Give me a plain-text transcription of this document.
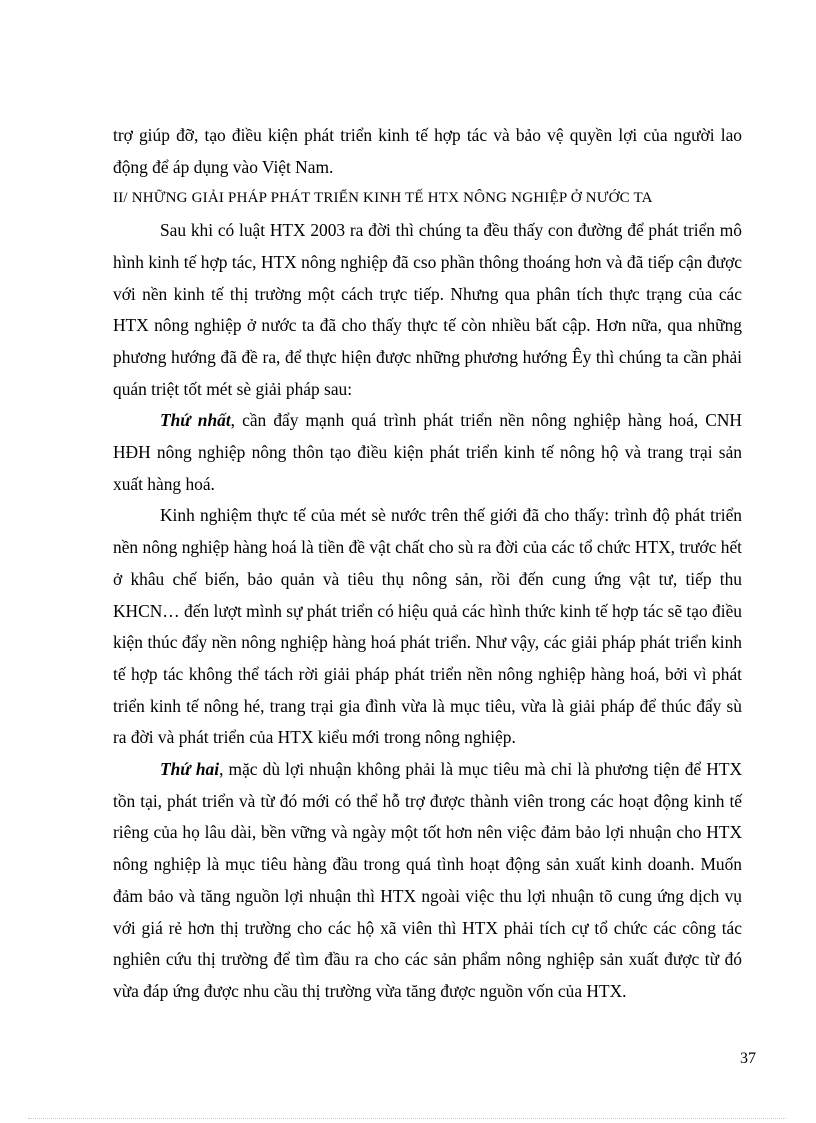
trợ giúp đỡ, tạo điều kiện phát triển kinh tế hợp tác và bảo vệ quyền lợi của người lao động để áp dụng vào Việt Nam.

II/ NHỮNG GIẢI PHÁP PHÁT TRIỂN KINH TẾ HTX NÔNG NGHIỆP Ở NƯỚC TA

Sau khi có luật HTX 2003 ra đời thì chúng ta đều thấy con đường để phát triển mô hình kinh tế hợp tác, HTX nông nghiệp đã cso phần thông thoáng hơn và đã tiếp cận được với nền kinh tế thị trường một cách trực tiếp. Nhưng qua phân tích thực trạng của các HTX nông nghiệp ở nước ta đã cho thấy thực tế còn nhiều bất cập. Hơn nữa, qua những phương hướng đã đề ra, để thực hiện được những phương hướng Êy thì chúng ta cần phải quán triệt tốt mét sè giải pháp sau:

Thứ nhất, cần đẩy mạnh quá trình phát triển nền nông nghiệp hàng hoá, CNH HĐH nông nghiệp nông thôn tạo điều kiện phát triển kinh tế nông hộ và trang trại sản xuất hàng hoá.

Kinh nghiệm thực tế của mét sè nước trên thế giới đã cho thấy: trình độ phát triển nền nông nghiệp hàng hoá là tiền đề vật chất cho sù ra đời của các tổ chức HTX, trước hết ở khâu chế biến, bảo quản và tiêu thụ nông sản, rồi đến cung ứng vật tư, tiếp thu KHCN… đến lượt mình sự phát triển có hiệu quả các hình thức kinh tế hợp tác sẽ tạo điều kiện thúc đẩy nền nông nghiệp hàng hoá phát triển. Như vậy, các giải pháp phát triển kinh tế hợp tác không thể tách rời giải pháp phát triển nền nông nghiệp hàng hoá, bởi vì phát triển kinh tế nông hé, trang trại gia đình vừa là mục tiêu, vừa là giải pháp để thúc đẩy sù ra đời và phát triển của HTX kiểu mới trong nông nghiệp.

Thứ hai, mặc dù lợi nhuận không phải là mục tiêu mà chỉ là phương tiện để HTX tồn tại, phát triển và từ đó mới có thể hỗ trợ được thành viên trong các hoạt động kinh tế riêng của họ lâu dài, bền vững và ngày một tốt hơn nên việc đảm bảo lợi nhuận cho HTX nông nghiệp là mục tiêu hàng đầu trong quá tình hoạt động sản xuất kinh doanh. Muốn đảm bảo và tăng nguồn lợi nhuận thì HTX ngoài việc thu lợi nhuận tõ cung ứng dịch vụ với giá rẻ hơn thị trường cho các hộ xã viên thì HTX phải tích cự tổ chức các công tác nghiên cứu thị trường để tìm đầu ra cho các sản phẩm nông nghiệp sản xuất được từ đó vừa đáp ứng được nhu cầu thị trường vừa tăng được nguồn vốn của HTX.

37
